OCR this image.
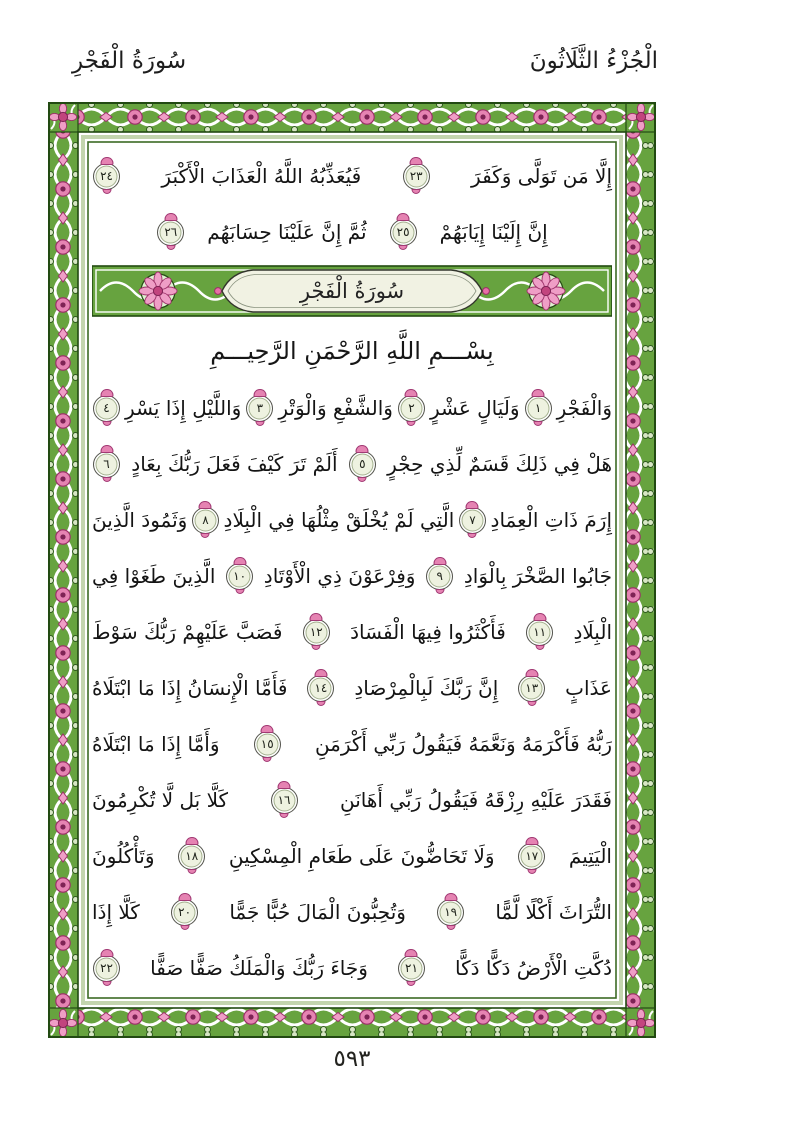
الْجُزْءُ الثَّلَاثُونَ
سُورَةُ الْفَجْرِ
إِلَّا مَن تَوَلَّى وَكَفَرَ
٢٣
فَيُعَذِّبُهُ اللَّهُ الْعَذَابَ الْأَكْبَرَ
٢٤
إِنَّ إِلَيْنَا إِيَابَهُمْ
٢٥
ثُمَّ إِنَّ عَلَيْنَا حِسَابَهُم
٢٦
سُورَةُ الْفَجْرِ
بِسْـــمِ اللَّهِ الرَّحْمَنِ الرَّحِيـــمِ
وَالْفَجْرِ
١
وَلَيَالٍ عَشْرٍ
٢
وَالشَّفْعِ وَالْوَتْرِ
٣
وَاللَّيْلِ إِذَا يَسْرِ
٤
هَلْ فِي ذَلِكَ قَسَمٌ لِّذِي حِجْرٍ
٥
أَلَمْ تَرَ كَيْفَ فَعَلَ رَبُّكَ بِعَادٍ
٦
إِرَمَ ذَاتِ الْعِمَادِ
٧
الَّتِي لَمْ يُخْلَقْ مِثْلُهَا فِي الْبِلَادِ
٨
وَثَمُودَ الَّذِينَ
جَابُوا الصَّخْرَ بِالْوَادِ
٩
وَفِرْعَوْنَ ذِي الْأَوْتَادِ
١٠
الَّذِينَ طَغَوْا فِي
الْبِلَادِ
١١
فَأَكْثَرُوا فِيهَا الْفَسَادَ
١٢
فَصَبَّ عَلَيْهِمْ رَبُّكَ سَوْطَ
عَذَابٍ
١٣
إِنَّ رَبَّكَ لَبِالْمِرْصَادِ
١٤
فَأَمَّا الْإِنسَانُ إِذَا مَا ابْتَلَاهُ
رَبُّهُ فَأَكْرَمَهُ وَنَعَّمَهُ فَيَقُولُ رَبِّي أَكْرَمَنِ
١٥
وَأَمَّا إِذَا مَا ابْتَلَاهُ
فَقَدَرَ عَلَيْهِ رِزْقَهُ فَيَقُولُ رَبِّي أَهَانَنِ
١٦
كَلَّا بَل لَّا تُكْرِمُونَ
الْيَتِيمَ
١٧
وَلَا تَحَاضُّونَ عَلَى طَعَامِ الْمِسْكِينِ
١٨
وَتَأْكُلُونَ
التُّرَاثَ أَكْلًا لَّمًّا
١٩
وَتُحِبُّونَ الْمَالَ حُبًّا جَمًّا
٢٠
كَلَّا إِذَا
دُكَّتِ الْأَرْضُ دَكًّا دَكًّا
٢١
وَجَاءَ رَبُّكَ وَالْمَلَكُ صَفًّا صَفًّا
٢٢
٥٩٣
